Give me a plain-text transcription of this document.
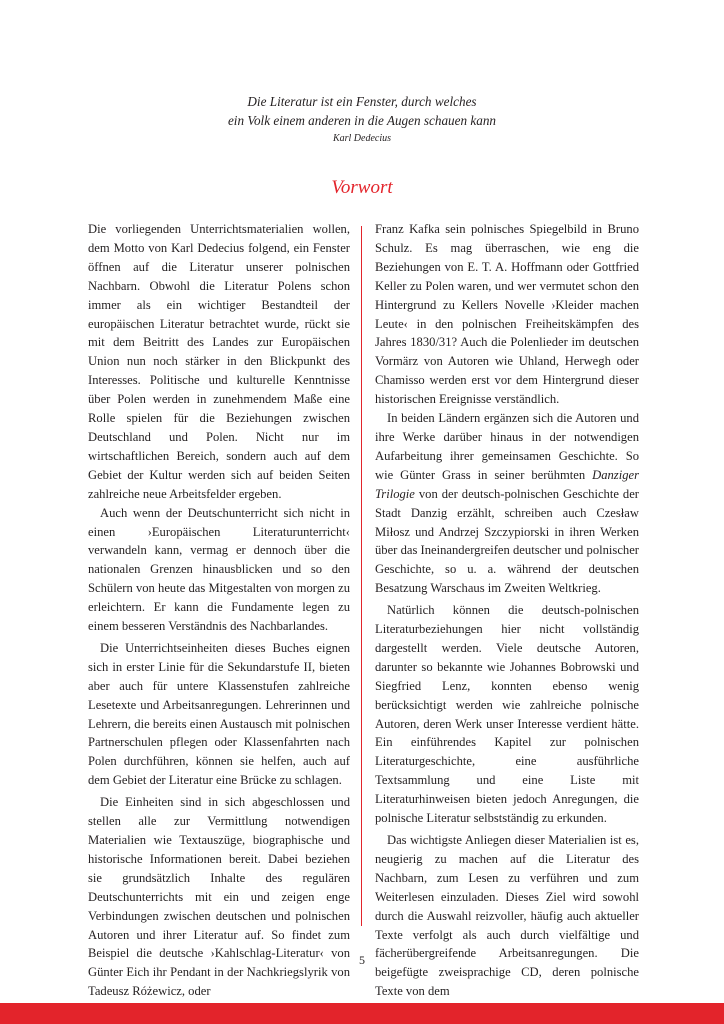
Die Literatur ist ein Fenster, durch welches
ein Volk einem anderen in die Augen schauen kann
Karl Dedecius
Vorwort

Die vorliegenden Unterrichtsmaterialien wollen, dem Motto von Karl Dedecius folgend, ein Fenster öffnen auf die Literatur unserer polnischen Nachbarn. Obwohl die Literatur Polens schon immer als ein wichtiger Bestandteil der europäischen Literatur betrachtet wurde, rückt sie mit dem Beitritt des Landes zur Europäischen Union nun noch stärker in den Blickpunkt des Interesses. Politische und kulturelle Kenntnisse über Polen werden in zunehmendem Maße eine Rolle spielen für die Beziehungen zwischen Deutschland und Polen. Nicht nur im wirtschaftlichen Bereich, sondern auch auf dem Gebiet der Kultur werden sich auf beiden Seiten zahlreiche neue Arbeitsfelder ergeben.

Auch wenn der Deutschunterricht sich nicht in einen ›Europäischen Literaturunterricht‹ verwandeln kann, vermag er dennoch über die nationalen Grenzen hinausblicken und so den Schülern von heute das Mitgestalten von morgen zu erleichtern. Er kann die Fundamente legen zu einem besseren Verständnis des Nachbarlandes.

Die Unterrichtseinheiten dieses Buches eignen sich in erster Linie für die Sekundarstufe II, bieten aber auch für untere Klassenstufen zahlreiche Lesetexte und Arbeitsanregungen. Lehrerinnen und Lehrern, die bereits einen Austausch mit polnischen Partnerschulen pflegen oder Klassenfahrten nach Polen durchführen, können sie helfen, auch auf dem Gebiet der Literatur eine Brücke zu schlagen.

Die Einheiten sind in sich abgeschlossen und stellen alle zur Vermittlung notwendigen Materialien wie Textauszüge, biographische und historische Informationen bereit. Dabei beziehen sie grundsätzlich Inhalte des regulären Deutschunterrichts mit ein und zeigen enge Verbindungen zwischen deutschen und polnischen Autoren und ihrer Literatur auf. So findet zum Beispiel die deutsche ›Kahlschlag-Literatur‹ von Günter Eich ihr Pendant in der Nachkriegslyrik von Tadeusz Różewicz, oder

Franz Kafka sein polnisches Spiegelbild in Bruno Schulz. Es mag überraschen, wie eng die Beziehungen von E. T. A. Hoffmann oder Gottfried Keller zu Polen waren, und wer vermutet schon den Hintergrund zu Kellers Novelle ›Kleider machen Leute‹ in den polnischen Freiheitskämpfen des Jahres 1830/31? Auch die Polenlieder im deutschen Vormärz von Autoren wie Uhland, Herwegh oder Chamisso werden erst vor dem Hintergrund dieser historischen Ereignisse verständlich.

In beiden Ländern ergänzen sich die Autoren und ihre Werke darüber hinaus in der notwendigen Aufarbeitung ihrer gemeinsamen Geschichte. So wie Günter Grass in seiner berühmten Danziger Trilogie von der deutsch-polnischen Geschichte der Stadt Danzig erzählt, schreiben auch Czesław Miłosz und Andrzej Szczypiorski in ihren Werken über das Ineinandergreifen deutscher und polnischer Geschichte, so u. a. während der deutschen Besatzung Warschaus im Zweiten Weltkrieg.

Natürlich können die deutsch-polnischen Literaturbeziehungen hier nicht vollständig dargestellt werden. Viele deutsche Autoren, darunter so bekannte wie Johannes Bobrowski und Siegfried Lenz, konnten ebenso wenig berücksichtigt werden wie zahlreiche polnische Autoren, deren Werk unser Interesse verdient hätte. Ein einführendes Kapitel zur polnischen Literaturgeschichte, eine ausführliche Textsammlung und eine Liste mit Literaturhinweisen bieten jedoch Anregungen, die polnische Literatur selbstständig zu erkunden.

Das wichtigste Anliegen dieser Materialien ist es, neugierig zu machen auf die Literatur des Nachbarn, zum Lesen zu verführen und zum Weiterlesen einzuladen. Dieses Ziel wird sowohl durch die Auswahl reizvoller, häufig auch aktueller Texte verfolgt als auch durch vielfältige und fächerübergreifende Arbeitsanregungen. Die beigefügte zweisprachige CD, deren polnische Texte von dem

5
